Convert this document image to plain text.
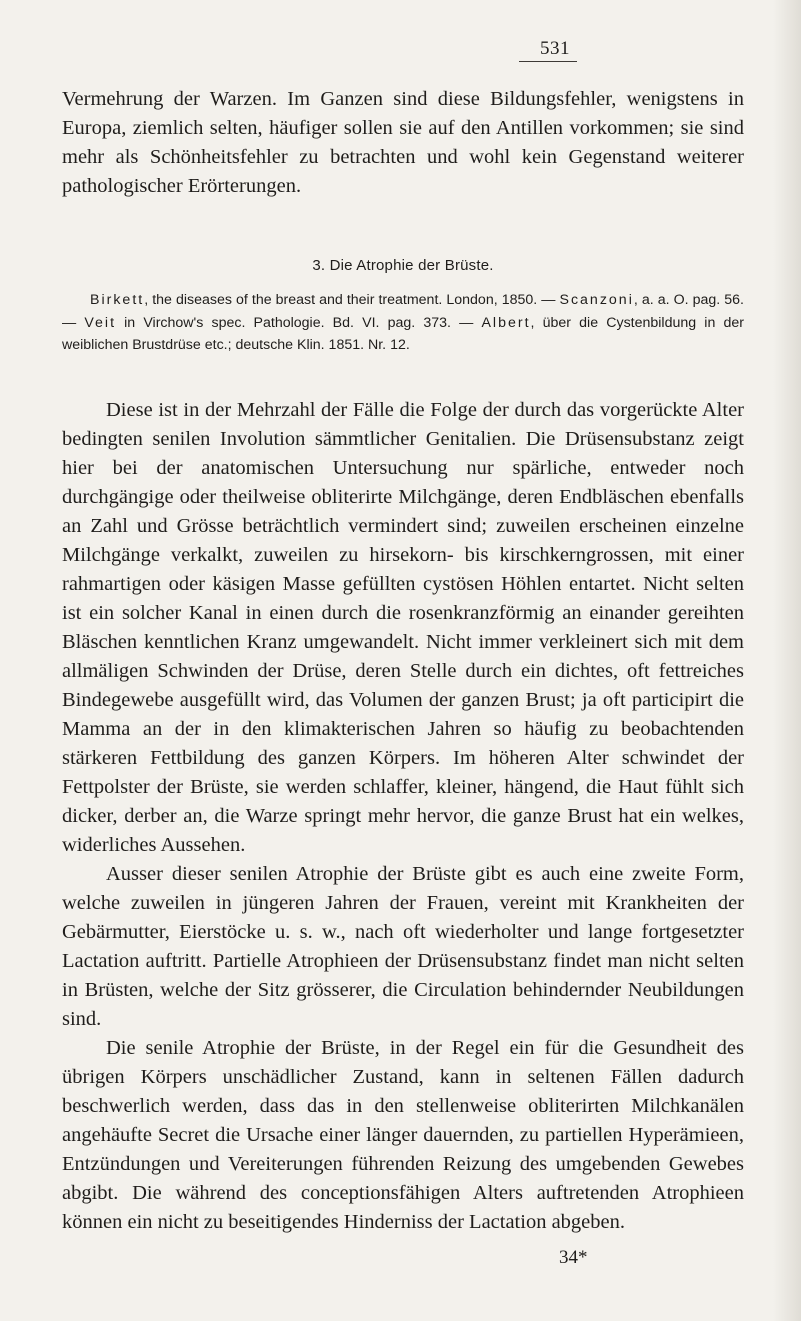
531

Vermehrung der Warzen. Im Ganzen sind diese Bildungsfehler, wenigstens in Europa, ziemlich selten, häufiger sollen sie auf den Antillen vorkommen; sie sind mehr als Schönheitsfehler zu betrachten und wohl kein Gegenstand weiterer pathologischer Erörterungen.

3. Die Atrophie der Brüste.

Birkett, the diseases of the breast and their treatment. London, 1850. — Scanzoni, a. a. O. pag. 56. — Veit in Virchow's spec. Pathologie. Bd. VI. pag. 373. — Albert, über die Cystenbildung in der weiblichen Brustdrüse etc.; deutsche Klin. 1851. Nr. 12.

Diese ist in der Mehrzahl der Fälle die Folge der durch das vorgerückte Alter bedingten senilen Involution sämmtlicher Genitalien. Die Drüsensubstanz zeigt hier bei der anatomischen Untersuchung nur spärliche, entweder noch durchgängige oder theilweise obliterirte Milchgänge, deren Endbläschen ebenfalls an Zahl und Grösse beträchtlich vermindert sind; zuweilen erscheinen einzelne Milchgänge verkalkt, zuweilen zu hirsekorn- bis kirschkerngrossen, mit einer rahmartigen oder käsigen Masse gefüllten cystösen Höhlen entartet. Nicht selten ist ein solcher Kanal in einen durch die rosenkranzförmig an einander gereihten Bläschen kenntlichen Kranz umgewandelt. Nicht immer verkleinert sich mit dem allmäligen Schwinden der Drüse, deren Stelle durch ein dichtes, oft fettreiches Bindegewebe ausgefüllt wird, das Volumen der ganzen Brust; ja oft participirt die Mamma an der in den klimakterischen Jahren so häufig zu beobachtenden stärkeren Fettbildung des ganzen Körpers. Im höheren Alter schwindet der Fettpolster der Brüste, sie werden schlaffer, kleiner, hängend, die Haut fühlt sich dicker, derber an, die Warze springt mehr hervor, die ganze Brust hat ein welkes, widerliches Aussehen.

Ausser dieser senilen Atrophie der Brüste gibt es auch eine zweite Form, welche zuweilen in jüngeren Jahren der Frauen, vereint mit Krankheiten der Gebärmutter, Eierstöcke u. s. w., nach oft wiederholter und lange fortgesetzter Lactation auftritt. Partielle Atrophieen der Drüsensubstanz findet man nicht selten in Brüsten, welche der Sitz grösserer, die Circulation behindernder Neubildungen sind.

Die senile Atrophie der Brüste, in der Regel ein für die Gesundheit des übrigen Körpers unschädlicher Zustand, kann in seltenen Fällen dadurch beschwerlich werden, dass das in den stellenweise obliterirten Milchkanälen angehäufte Secret die Ursache einer länger dauernden, zu partiellen Hyperämieen, Entzündungen und Vereiterungen führenden Reizung des umgebenden Gewebes abgibt. Die während des conceptionsfähigen Alters auftretenden Atrophieen können ein nicht zu beseitigendes Hinderniss der Lactation abgeben.

34*
